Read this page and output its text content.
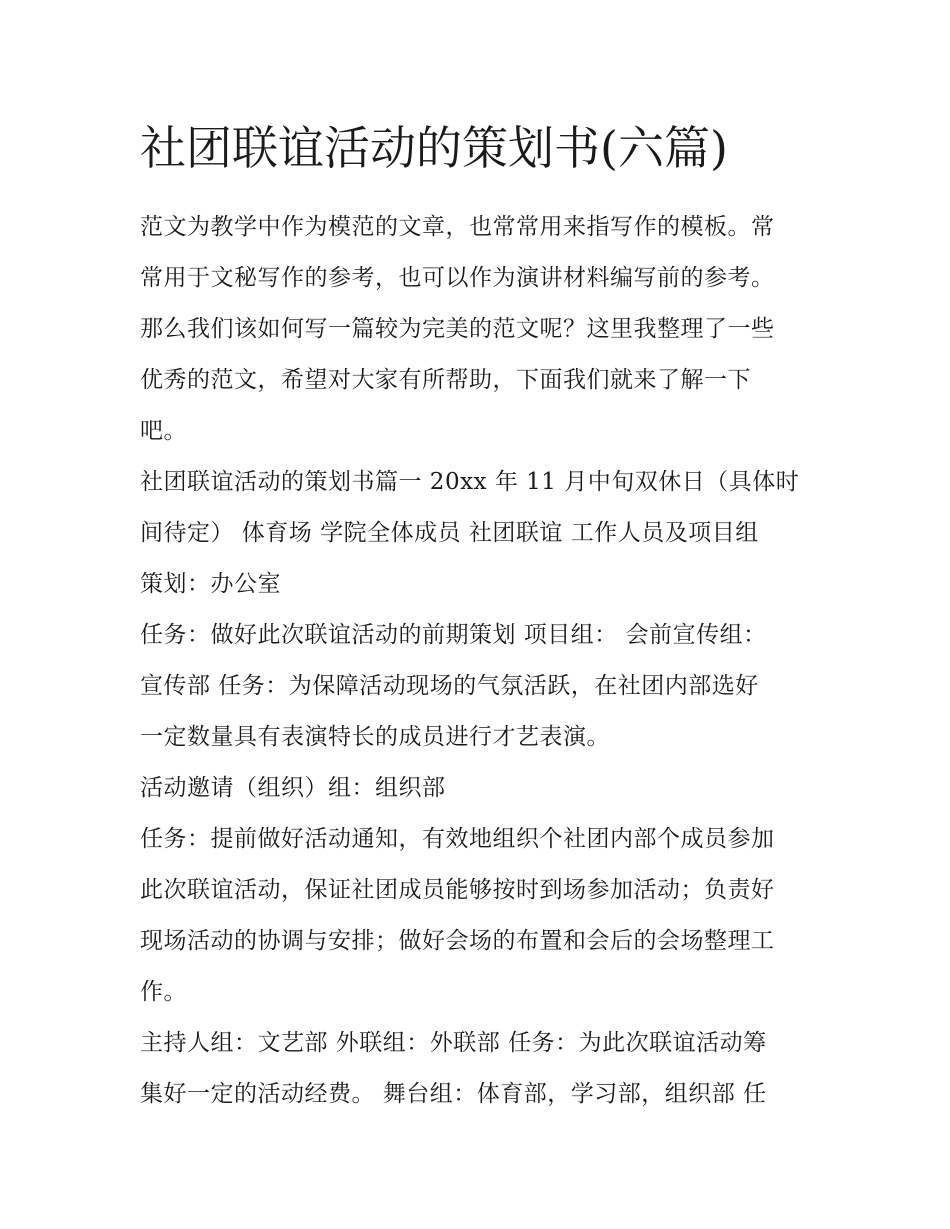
社团联谊活动的策划书(六篇)
范文为教学中作为模范的文章，也常常用来指写作的模板。常
常用于文秘写作的参考，也可以作为演讲材料编写前的参考。
那么我们该如何写一篇较为完美的范文呢？这里我整理了一些
优秀的范文，希望对大家有所帮助，下面我们就来了解一下
吧。
社团联谊活动的策划书篇一 20xx 年 11 月中旬双休日（具体时
间待定） 体育场 学院全体成员 社团联谊 工作人员及项目组
策划：办公室
任务：做好此次联谊活动的前期策划 项目组： 会前宣传组：
宣传部 任务：为保障活动现场的气氛活跃，在社团内部选好
一定数量具有表演特长的成员进行才艺表演。
活动邀请（组织）组：组织部
任务：提前做好活动通知，有效地组织个社团内部个成员参加
此次联谊活动，保证社团成员能够按时到场参加活动；负责好
现场活动的协调与安排；做好会场的布置和会后的会场整理工
作。
主持人组：文艺部 外联组：外联部 任务：为此次联谊活动筹
集好一定的活动经费。 舞台组：体育部，学习部，组织部 任
